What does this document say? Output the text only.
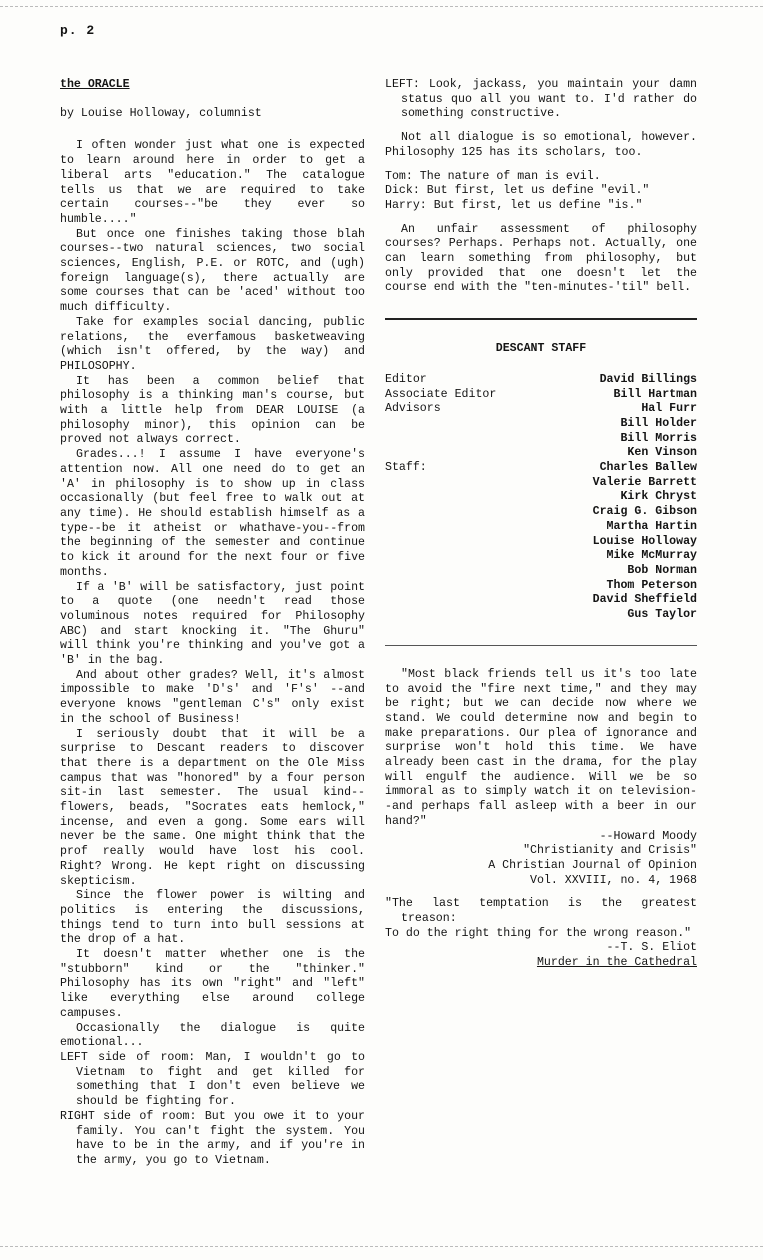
p. 2

the ORACLE

by Louise Holloway, columnist

I often wonder just what one is expected to learn around here in order to get a liberal arts "education." The catalogue tells us that we are required to take certain courses--"be they ever so humble...."

But once one finishes taking those blah courses--two natural sciences, two social sciences, English, P.E. or ROTC, and (ugh) foreign language(s), there actually are some courses that can be 'aced' without too much difficulty.

Take for examples social dancing, public relations, the everfamous basketweaving (which isn't offered, by the way) and PHILOSOPHY.

It has been a common belief that philosophy is a thinking man's course, but with a little help from DEAR LOUISE (a philosophy minor), this opinion can be proved not always correct.

Grades...! I assume I have everyone's attention now. All one need do to get an 'A' in philosophy is to show up in class occasionally (but feel free to walk out at any time). He should establish himself as a type--be it atheist or whathave-you--from the beginning of the semester and continue to kick it around for the next four or five months.

If a 'B' will be satisfactory, just point to a quote (one needn't read those voluminous notes required for Philosophy ABC) and start knocking it. "The Ghuru" will think you're thinking and you've got a 'B' in the bag.

And about other grades? Well, it's almost impossible to make 'D's' and 'F's' --and everyone knows "gentleman C's" only exist in the school of Business!

I seriously doubt that it will be a surprise to Descant readers to discover that there is a department on the Ole Miss campus that was "honored" by a four person sit-in last semester. The usual kind--flowers, beads, "Socrates eats hemlock," incense, and even a gong. Some ears will never be the same. One might think that the prof really would have lost his cool. Right? Wrong. He kept right on discussing skepticism.

Since the flower power is wilting and politics is entering the discussions, things tend to turn into bull sessions at the drop of a hat.

It doesn't matter whether one is the "stubborn" kind or the "thinker." Philosophy has its own "right" and "left" like everything else around college campuses.

Occasionally the dialogue is quite emotional...

LEFT side of room: Man, I wouldn't go to Vietnam to fight and get killed for something that I don't even believe we should be fighting for.

RIGHT side of room: But you owe it to your family. You can't fight the system. You have to be in the army, and if you're in the army, you go to Vietnam.

LEFT: Look, jackass, you maintain your damn status quo all you want to. I'd rather do something constructive.

Not all dialogue is so emotional, however. Philosophy 125 has its scholars, too.

Tom: The nature of man is evil.

Dick: But first, let us define "evil."

Harry: But first, let us define "is."

An unfair assessment of philosophy courses? Perhaps. Perhaps not. Actually, one can learn something from philosophy, but only provided that one doesn't let the course end with the "ten-minutes-'til" bell.

DESCANT STAFF
Editor	David Billings
Associate Editor	Bill Hartman
Advisors	Hal Furr
Bill Holder
Bill Morris
Ken Vinson
Staff:	Charles Ballew
Valerie Barrett
Kirk Chryst
Craig G. Gibson
Martha Hartin
Louise Holloway
Mike McMurray
Bob Norman
Thom Peterson
David Sheffield
Gus Taylor

"Most black friends tell us it's too late to avoid the "fire next time," and they may be right; but we can decide now where we stand. We could determine now and begin to make preparations. Our plea of ignorance and surprise won't hold this time. We have already been cast in the drama, for the play will engulf the audience. Will we be so immoral as to simply watch it on television--and perhaps fall asleep with a beer in our hand?"

--Howard Moody
"Christianity and Crisis"
A Christian Journal of Opinion
Vol. XXVIII, no. 4, 1968

"The last temptation is the greatest treason:

To do the right thing for the wrong reason."

--T. S. Eliot
Murder in the Cathedral
